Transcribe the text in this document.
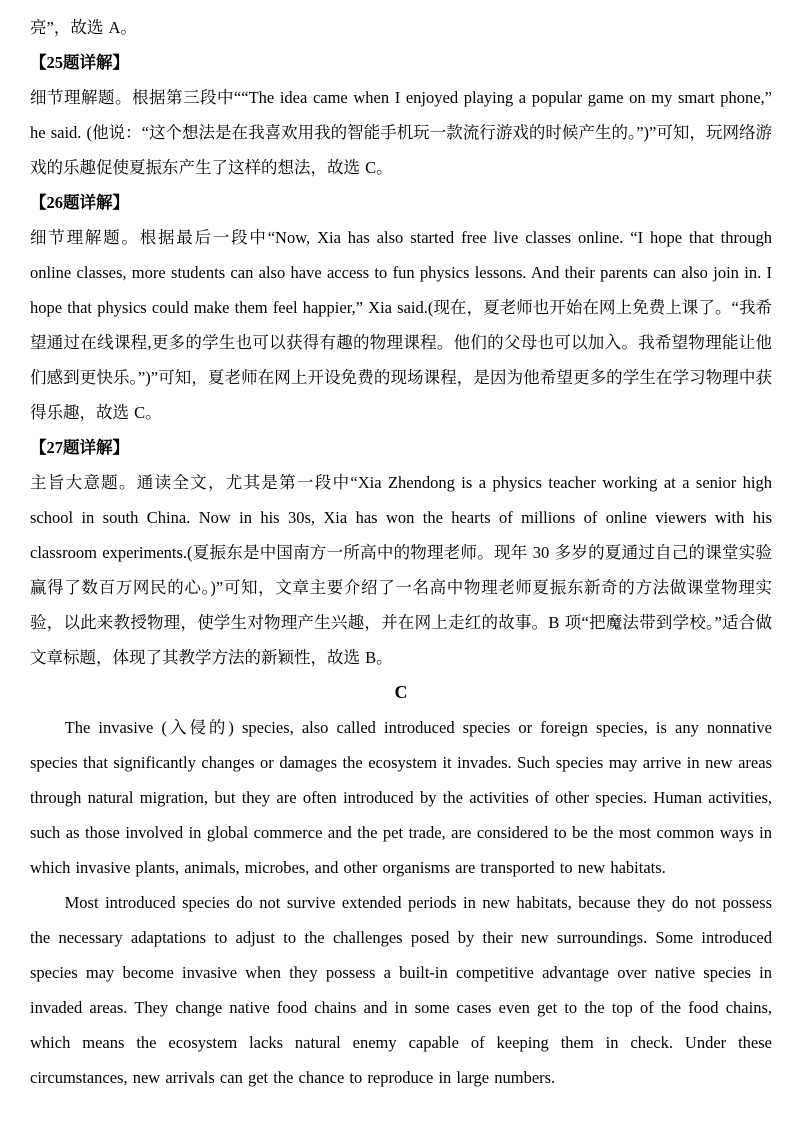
亮”，故选 A。

【25题详解】

细节理解题。根据第三段中““The idea came when I enjoyed playing a popular game on my smart phone,” he said. (他说：“这个想法是在我喜欢用我的智能手机玩一款流行游戏的时候产生的。”)”可知，玩网络游戏的乐趣促使夏振东产生了这样的想法，故选 C。

【26题详解】

细节理解题。根据最后一段中“Now, Xia has also started free live classes online. “I hope that through online classes, more students can also have access to fun physics lessons. And their parents can also join in. I hope that physics could make them feel happier,” Xia said.(现在，夏老师也开始在网上免费上课了。“我希望通过在线课程,更多的学生也可以获得有趣的物理课程。他们的父母也可以加入。我希望物理能让他们感到更快乐。”)”可知，夏老师在网上开设免费的现场课程，是因为他希望更多的学生在学习物理中获得乐趣，故选 C。

【27题详解】

主旨大意题。通读全文，尤其是第一段中“Xia Zhendong is a physics teacher working at a senior high school in south China. Now in his 30s, Xia has won the hearts of millions of online viewers with his classroom experiments.(夏振东是中国南方一所高中的物理老师。现年 30 多岁的夏通过自己的课堂实验赢得了数百万网民的心。)”可知，文章主要介绍了一名高中物理老师夏振东新奇的方法做课堂物理实验，以此来教授物理，使学生对物理产生兴趣，并在网上走红的故事。B 项“把魔法带到学校。”适合做文章标题，体现了其教学方法的新颖性，故选 B。

C

The invasive (入侵的) species, also called introduced species or foreign species, is any nonnative species that significantly changes or damages the ecosystem it invades. Such species may arrive in new areas through natural migration, but they are often introduced by the activities of other species. Human activities, such as those involved in global commerce and the pet trade, are considered to be the most common ways in which invasive plants, animals, microbes, and other organisms are transported to new habitats.

Most introduced species do not survive extended periods in new habitats, because they do not possess the necessary adaptations to adjust to the challenges posed by their new surroundings. Some introduced species may become invasive when they possess a built-in competitive advantage over native species in invaded areas. They change native food chains and in some cases even get to the top of the food chains, which means the ecosystem lacks natural enemy capable of keeping them in check. Under these circumstances, new arrivals can get the chance to reproduce in large numbers.
